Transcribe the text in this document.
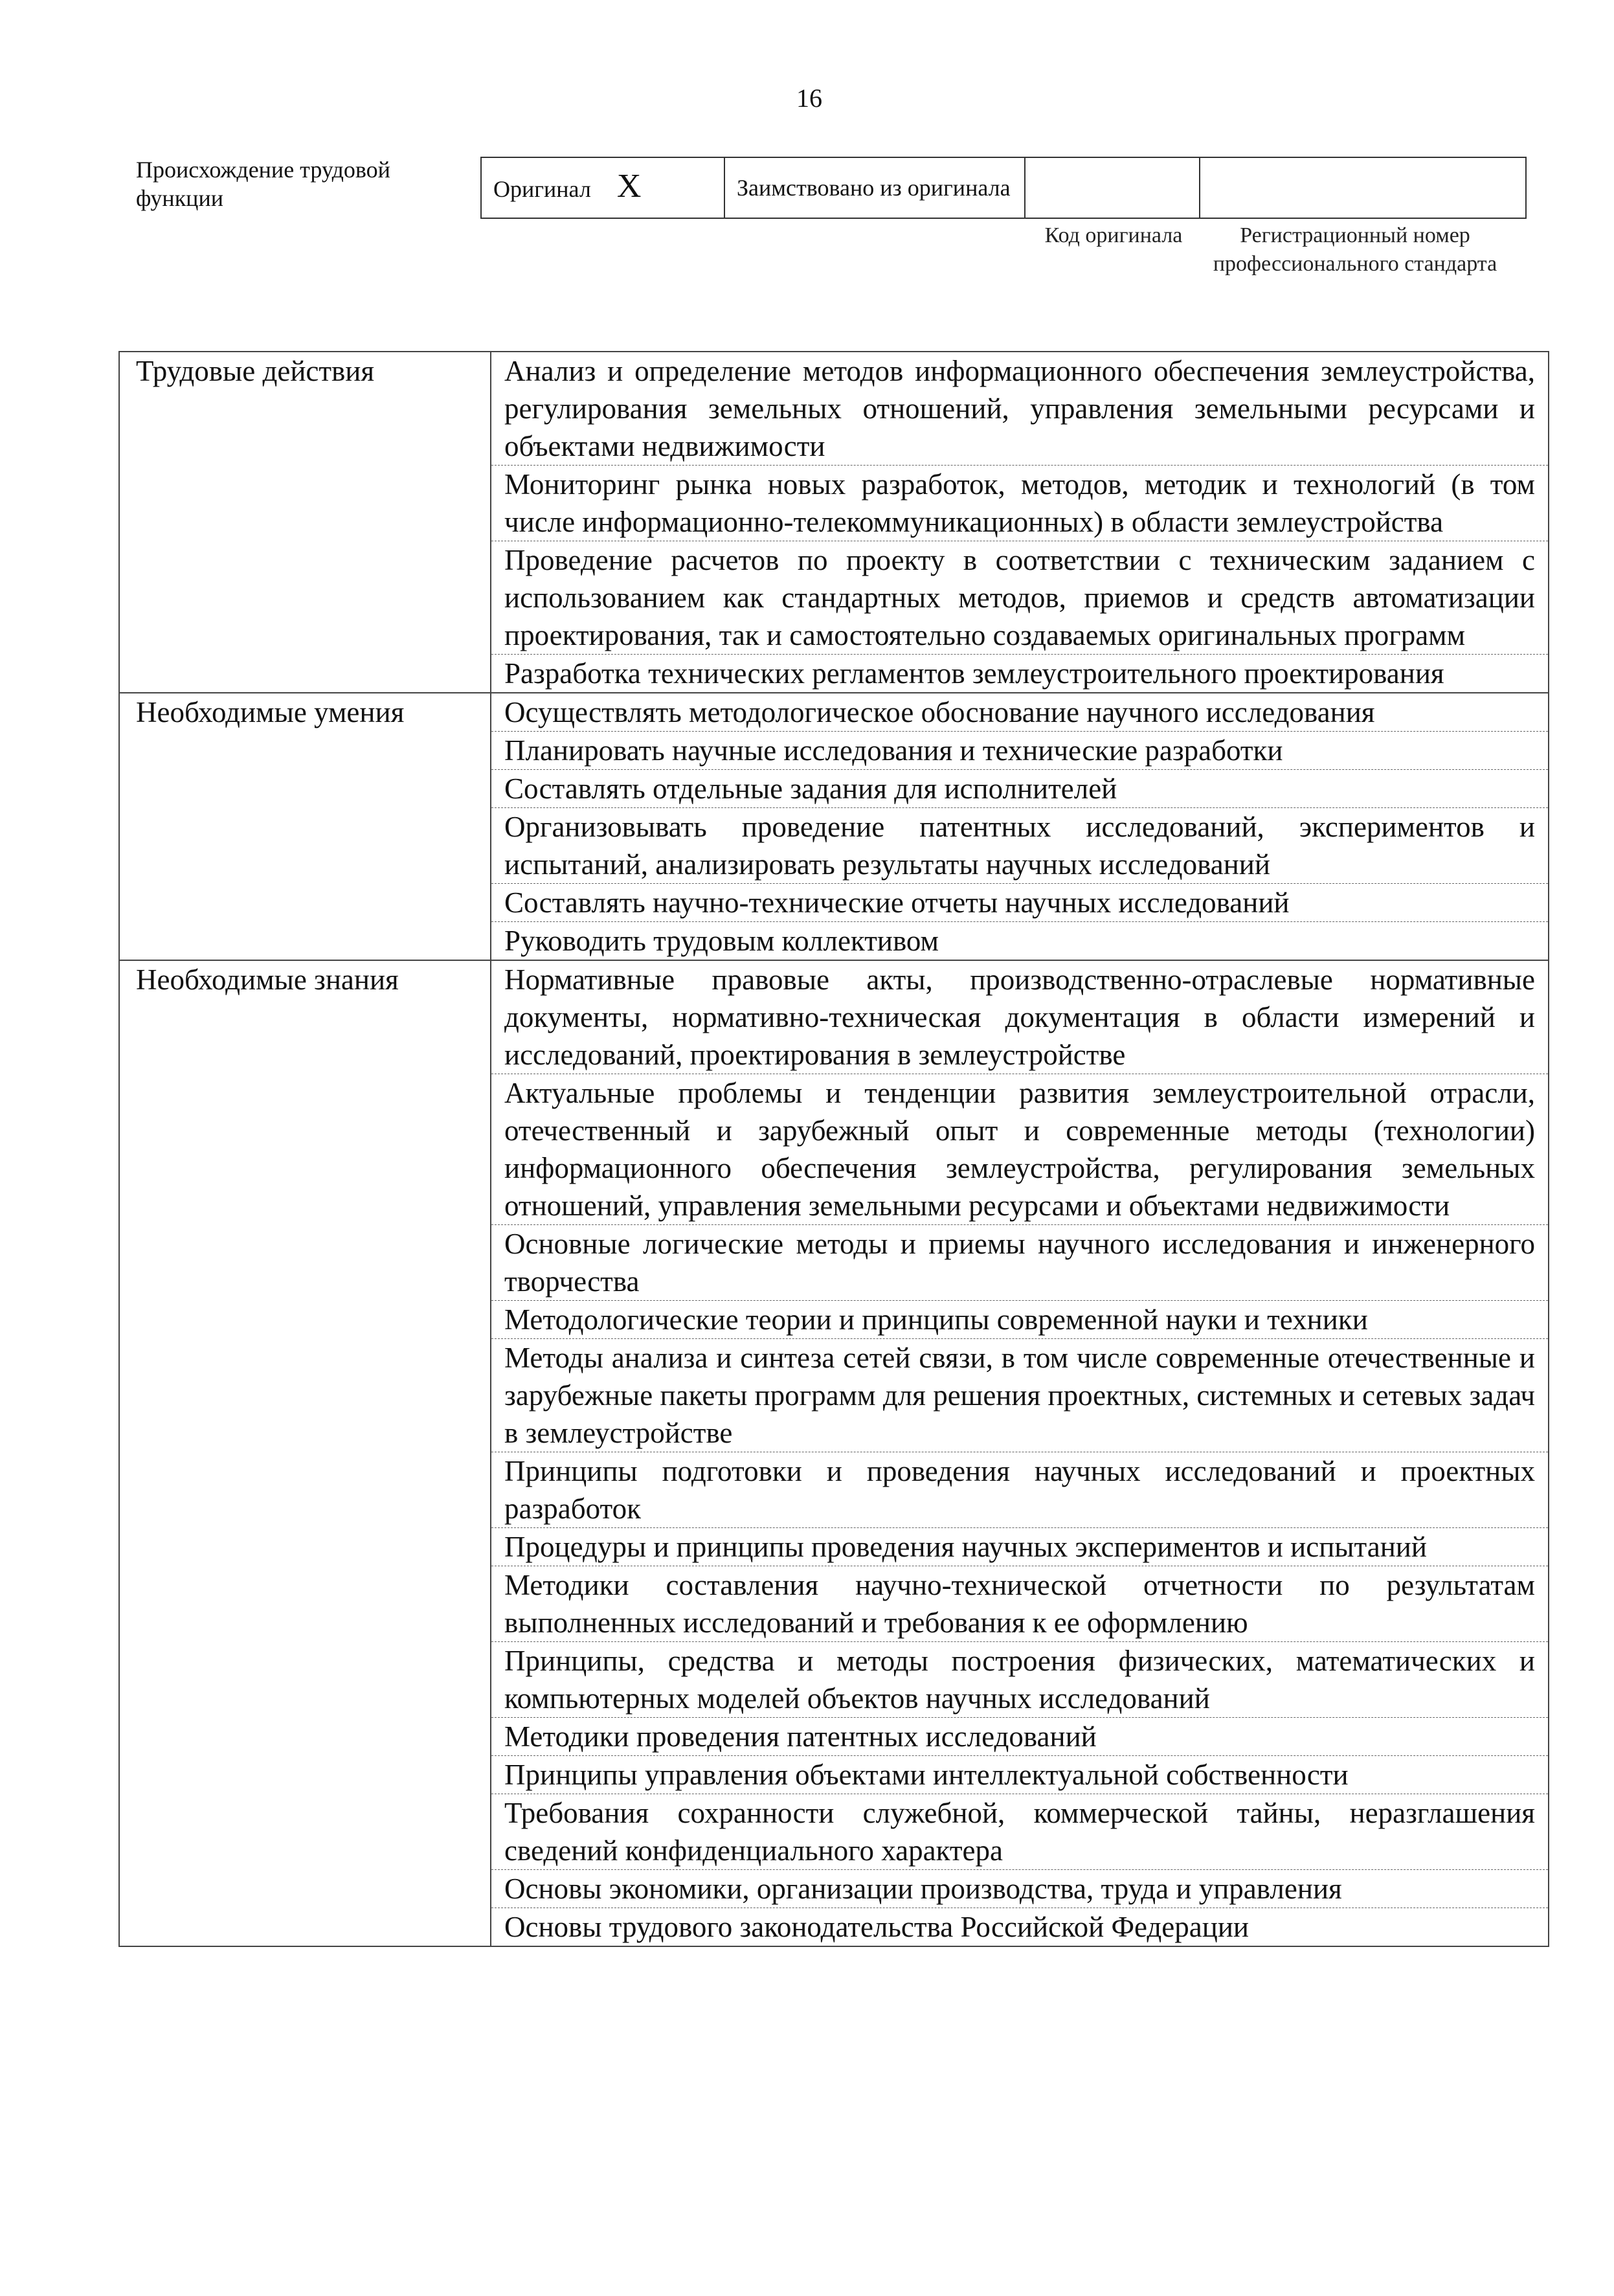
16
Происхождение трудовой функции	Оригинал X	Заимствовано из оригинала		
Код оригинала	Регистрационный номер профессионального стандарта
Трудовые действия	Анализ и определение методов информационного обеспечения землеустройства, регулирования земельных отношений, управления земельными ресурсами и объектами недвижимости
	Мониторинг рынка новых разработок, методов, методик и технологий (в том числе информационно-телекоммуникационных) в области землеустройства
	Проведение расчетов по проекту в соответствии с техническим заданием с использованием как стандартных методов, приемов и средств автоматизации проектирования, так и самостоятельно создаваемых оригинальных программ
	Разработка технических регламентов землеустроительного проектирования
Необходимые умения	Осуществлять методологическое обоснование научного исследования
	Планировать научные исследования и технические разработки
	Составлять отдельные задания для исполнителей
	Организовывать проведение патентных исследований, экспериментов и испытаний, анализировать результаты научных исследований
	Составлять научно-технические отчеты научных исследований
	Руководить трудовым коллективом
Необходимые знания	Нормативные правовые акты, производственно-отраслевые нормативные документы, нормативно-техническая документация в области измерений и исследований, проектирования в землеустройстве
	Актуальные проблемы и тенденции развития землеустроительной отрасли, отечественный и зарубежный опыт и современные методы (технологии) информационного обеспечения землеустройства, регулирования земельных отношений, управления земельными ресурсами и объектами недвижимости
	Основные логические методы и приемы научного исследования и инженерного творчества
	Методологические теории и принципы современной науки и техники
	Методы анализа и синтеза сетей связи, в том числе современные отечественные и зарубежные пакеты программ для решения проектных, системных и сетевых задач в землеустройстве
	Принципы подготовки и проведения научных исследований и проектных разработок
	Процедуры и принципы проведения научных экспериментов и испытаний
	Методики составления научно-технической отчетности по результатам выполненных исследований и требования к ее оформлению
	Принципы, средства и методы построения физических, математических и компьютерных моделей объектов научных исследований
	Методики проведения патентных исследований
	Принципы управления объектами интеллектуальной собственности
	Требования сохранности служебной, коммерческой тайны, неразглашения сведений конфиденциального характера
	Основы экономики, организации производства, труда и управления
	Основы трудового законодательства Российской Федерации
